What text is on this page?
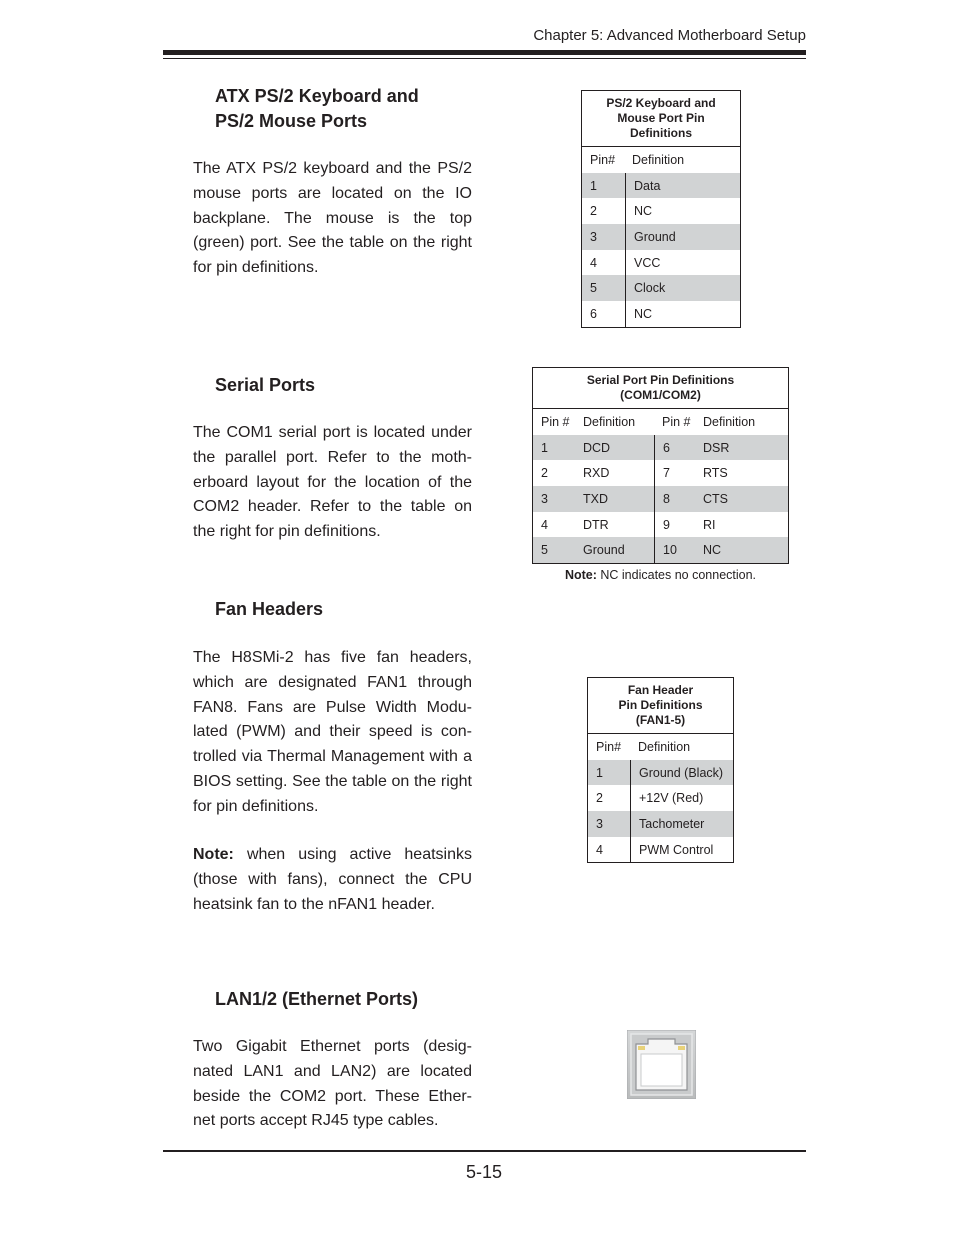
Chapter 5: Advanced Motherboard Setup
ATX PS/2 Keyboard and
PS/2 Mouse Ports

The ATX PS/2 keyboard and the PS/2 mouse ports are located on the IO backplane. The mouse is the top (green) port. See the table on the right for pin definitions.

PS/2 Keyboard and
Mouse Port Pin
Definitions
Pin#	Definition
1	Data
2	NC
3	Ground
4	VCC
5	Clock
6	NC
Serial Ports

The COM1 serial port is located under the parallel port. Refer to the moth-erboard layout for the location of the COM2 header. Refer to the table on the right for pin definitions.

Serial Port Pin Definitions
(COM1/COM2)
Pin #	Definition	Pin #	Definition
1	DCD	6	DSR
2	RXD	7	RTS
3	TXD	8	CTS
4	DTR	9	RI
5	Ground	10	NC
Note: NC indicates no connection.
Fan Headers

The H8SMi-2 has five fan headers, which are designated FAN1 through FAN8. Fans are Pulse Width Modu-lated (PWM) and their speed is con-trolled via Thermal Management with a BIOS setting. See the table on the right for pin definitions.

Note: when using active heatsinks (those with fans), connect the CPU heatsink fan to the nFAN1 header.

Fan Header
Pin Definitions
(FAN1-5)
Pin#	Definition
1	Ground (Black)
2	+12V (Red)
3	Tachometer
4	PWM Control
LAN1/2 (Ethernet Ports)

Two Gigabit Ethernet ports (desig-nated LAN1 and LAN2) are located beside the COM2 port. These Ether-net ports accept RJ45 type cables.

5-15
